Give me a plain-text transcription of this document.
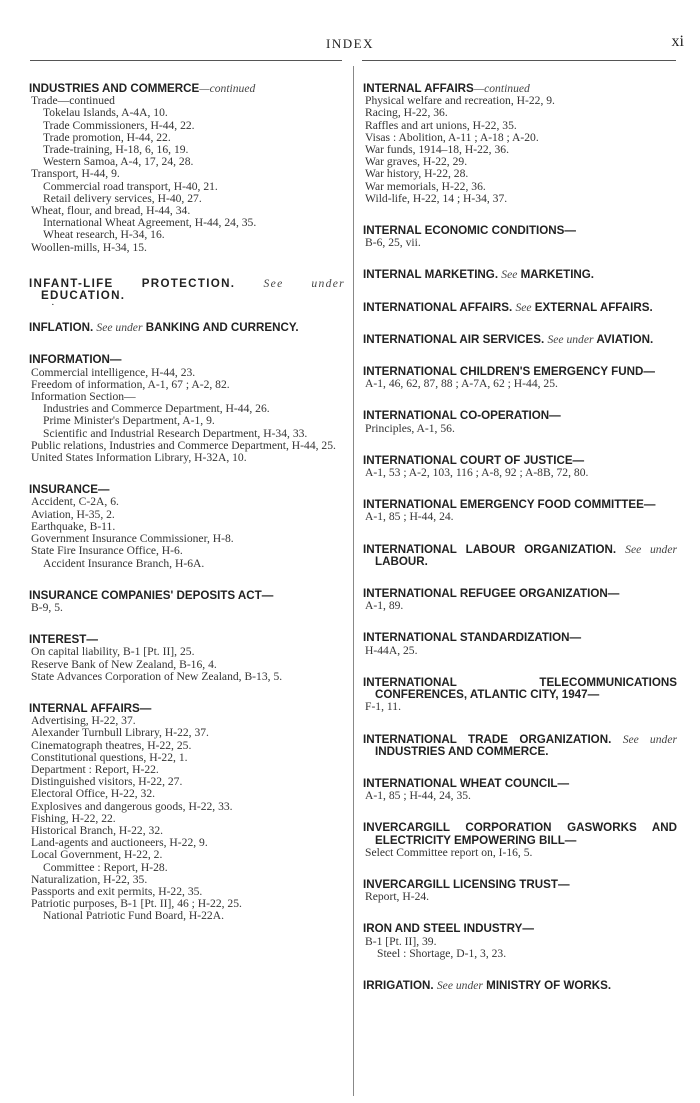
INDEX	xi
INDUSTRIES AND COMMERCE—continued
Trade—continued
Tokelau Islands, A-4A, 10.
Trade Commissioners, H-44, 22.
Trade promotion, H-44, 22.
Trade-training, H-18, 6, 16, 19.
Western Samoa, A-4, 17, 24, 28.
Transport, H-44, 9.
Commercial road transport, H-40, 21.
Retail delivery services, H-40, 27.
Wheat, flour, and bread, H-44, 34.
International Wheat Agreement, H-44, 24, 35.
Wheat research, H-34, 16.
Woollen-mills, H-34, 15.
INFANT-LIFE PROTECTION. See under EDUCATION.
·
INFLATION. See under BANKING AND CURRENCY.
INFORMATION—
Commercial intelligence, H-44, 23.
Freedom of information, A-1, 67 ; A-2, 82.
Information Section—
Industries and Commerce Department, H-44, 26.
Prime Minister's Department, A-1, 9.
Scientific and Industrial Research Department, H-34, 33.
Public relations, Industries and Commerce Department, H-44, 25.
United States Information Library, H-32A, 10.
INSURANCE—
Accident, C-2A, 6.
Aviation, H-35, 2.
Earthquake, B-11.
Government Insurance Commissioner, H-8.
State Fire Insurance Office, H-6.
Accident Insurance Branch, H-6A.
INSURANCE COMPANIES' DEPOSITS ACT—
B-9, 5.
INTEREST—
On capital liability, B-1 [Pt. II], 25.
Reserve Bank of New Zealand, B-16, 4.
State Advances Corporation of New Zealand, B-13, 5.
INTERNAL AFFAIRS—
Advertising, H-22, 37.
Alexander Turnbull Library, H-22, 37.
Cinematograph theatres, H-22, 25.
Constitutional questions, H-22, 1.
Department : Report, H-22.
Distinguished visitors, H-22, 27.
Electoral Office, H-22, 32.
Explosives and dangerous goods, H-22, 33.
Fishing, H-22, 22.
Historical Branch, H-22, 32.
Land-agents and auctioneers, H-22, 9.
Local Government, H-22, 2.
Committee : Report, H-28.
Naturalization, H-22, 35.
Passports and exit permits, H-22, 35.
Patriotic purposes, B-1 [Pt. II], 46 ; H-22, 25.
National Patriotic Fund Board, H-22A.
INTERNAL AFFAIRS—continued
Physical welfare and recreation, H-22, 9.
Racing, H-22, 36.
Raffles and art unions, H-22, 35.
Visas : Abolition, A-11 ; A-18 ; A-20.
War funds, 1914–18, H-22, 36.
War graves, H-22, 29.
War history, H-22, 28.
War memorials, H-22, 36.
Wild-life, H-22, 14 ; H-34, 37.
INTERNAL ECONOMIC CONDITIONS—
B-6, 25, vii.
INTERNAL MARKETING. See MARKETING.
INTERNATIONAL AFFAIRS. See EXTERNAL AFFAIRS.
INTERNATIONAL AIR SERVICES. See under AVIATION.
INTERNATIONAL CHILDREN'S EMERGENCY FUND—
A-1, 46, 62, 87, 88 ; A-7A, 62 ; H-44, 25.
INTERNATIONAL CO-OPERATION—
Principles, A-1, 56.
INTERNATIONAL COURT OF JUSTICE—
A-1, 53 ; A-2, 103, 116 ; A-8, 92 ; A-8B, 72, 80.
INTERNATIONAL EMERGENCY FOOD COMMITTEE—
A-1, 85 ; H-44, 24.
INTERNATIONAL LABOUR ORGANIZATION. See under LABOUR.
INTERNATIONAL REFUGEE ORGANIZATION—
A-1, 89.
INTERNATIONAL STANDARDIZATION—
H-44A, 25.
INTERNATIONAL TELECOMMUNICATIONS CONFERENCES, ATLANTIC CITY, 1947—
F-1, 11.
INTERNATIONAL TRADE ORGANIZATION. See under INDUSTRIES AND COMMERCE.
INTERNATIONAL WHEAT COUNCIL—
A-1, 85 ; H-44, 24, 35.
INVERCARGILL CORPORATION GASWORKS AND ELECTRICITY EMPOWERING BILL—
Select Committee report on, I-16, 5.
INVERCARGILL LICENSING TRUST—
Report, H-24.
IRON AND STEEL INDUSTRY—
B-1 [Pt. II], 39.
Steel : Shortage, D-1, 3, 23.
IRRIGATION. See under MINISTRY OF WORKS.
